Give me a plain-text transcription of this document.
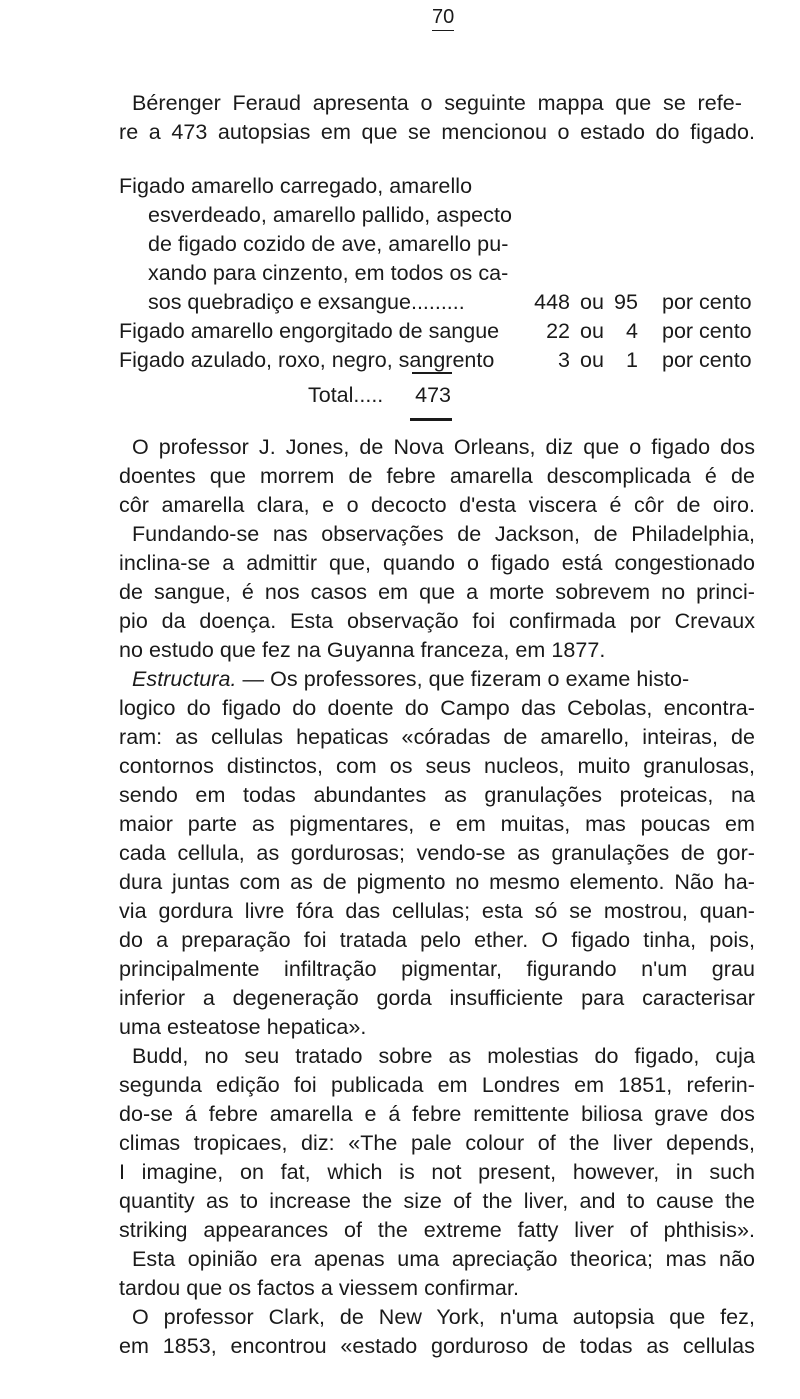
70
Bérenger Feraud apresenta o seguinte mappa que se refe-
re a 473 autopsias em que se mencionou o estado do figado.
Figado amarello carregado, amarello
esverdeado, amarello pallido, aspecto
de figado cozido de ave, amarello pu-
xando para cinzento, em todos os ca-
sos quebradiço e exsangue.........	448 ou 95 por cento
Figado amarello engorgitado de sangue	22 ou 4 por cento
Figado azulado, roxo, negro, sangrento	3 ou 1 por cento
Total..... 473
O professor J. Jones, de Nova Orleans, diz que o figado dos
doentes que morrem de febre amarella descomplicada é de
côr amarella clara, e o decocto d'esta viscera é côr de oiro.
Fundando-se nas observações de Jackson, de Philadelphia,
inclina-se a admittir que, quando o figado está congestionado
de sangue, é nos casos em que a morte sobrevem no princi-
pio da doença. Esta observação foi confirmada por Crevaux
no estudo que fez na Guyanna franceza, em 1877.
Estructura. — Os professores, que fizeram o exame histo-
logico do figado do doente do Campo das Cebolas, encontra-
ram: as cellulas hepaticas «córadas de amarello, inteiras, de
contornos distinctos, com os seus nucleos, muito granulosas,
sendo em todas abundantes as granulações proteicas, na
maior parte as pigmentares, e em muitas, mas poucas em
cada cellula, as gordurosas; vendo-se as granulações de gor-
dura juntas com as de pigmento no mesmo elemento. Não ha-
via gordura livre fóra das cellulas; esta só se mostrou, quan-
do a preparação foi tratada pelo ether. O figado tinha, pois,
principalmente infiltração pigmentar, figurando n'um grau
inferior a degeneração gorda insufficiente para caracterisar
uma esteatose hepatica».
Budd, no seu tratado sobre as molestias do figado, cuja
segunda edição foi publicada em Londres em 1851, referin-
do-se á febre amarella e á febre remittente biliosa grave dos
climas tropicaes, diz: «The pale colour of the liver depends,
I imagine, on fat, which is not present, however, in such
quantity as to increase the size of the liver, and to cause the
striking appearances of the extreme fatty liver of phthisis».
Esta opinião era apenas uma apreciação theorica; mas não
tardou que os factos a viessem confirmar.
O professor Clark, de New York, n'uma autopsia que fez,
em 1853, encontrou «estado gorduroso de todas as cellulas
